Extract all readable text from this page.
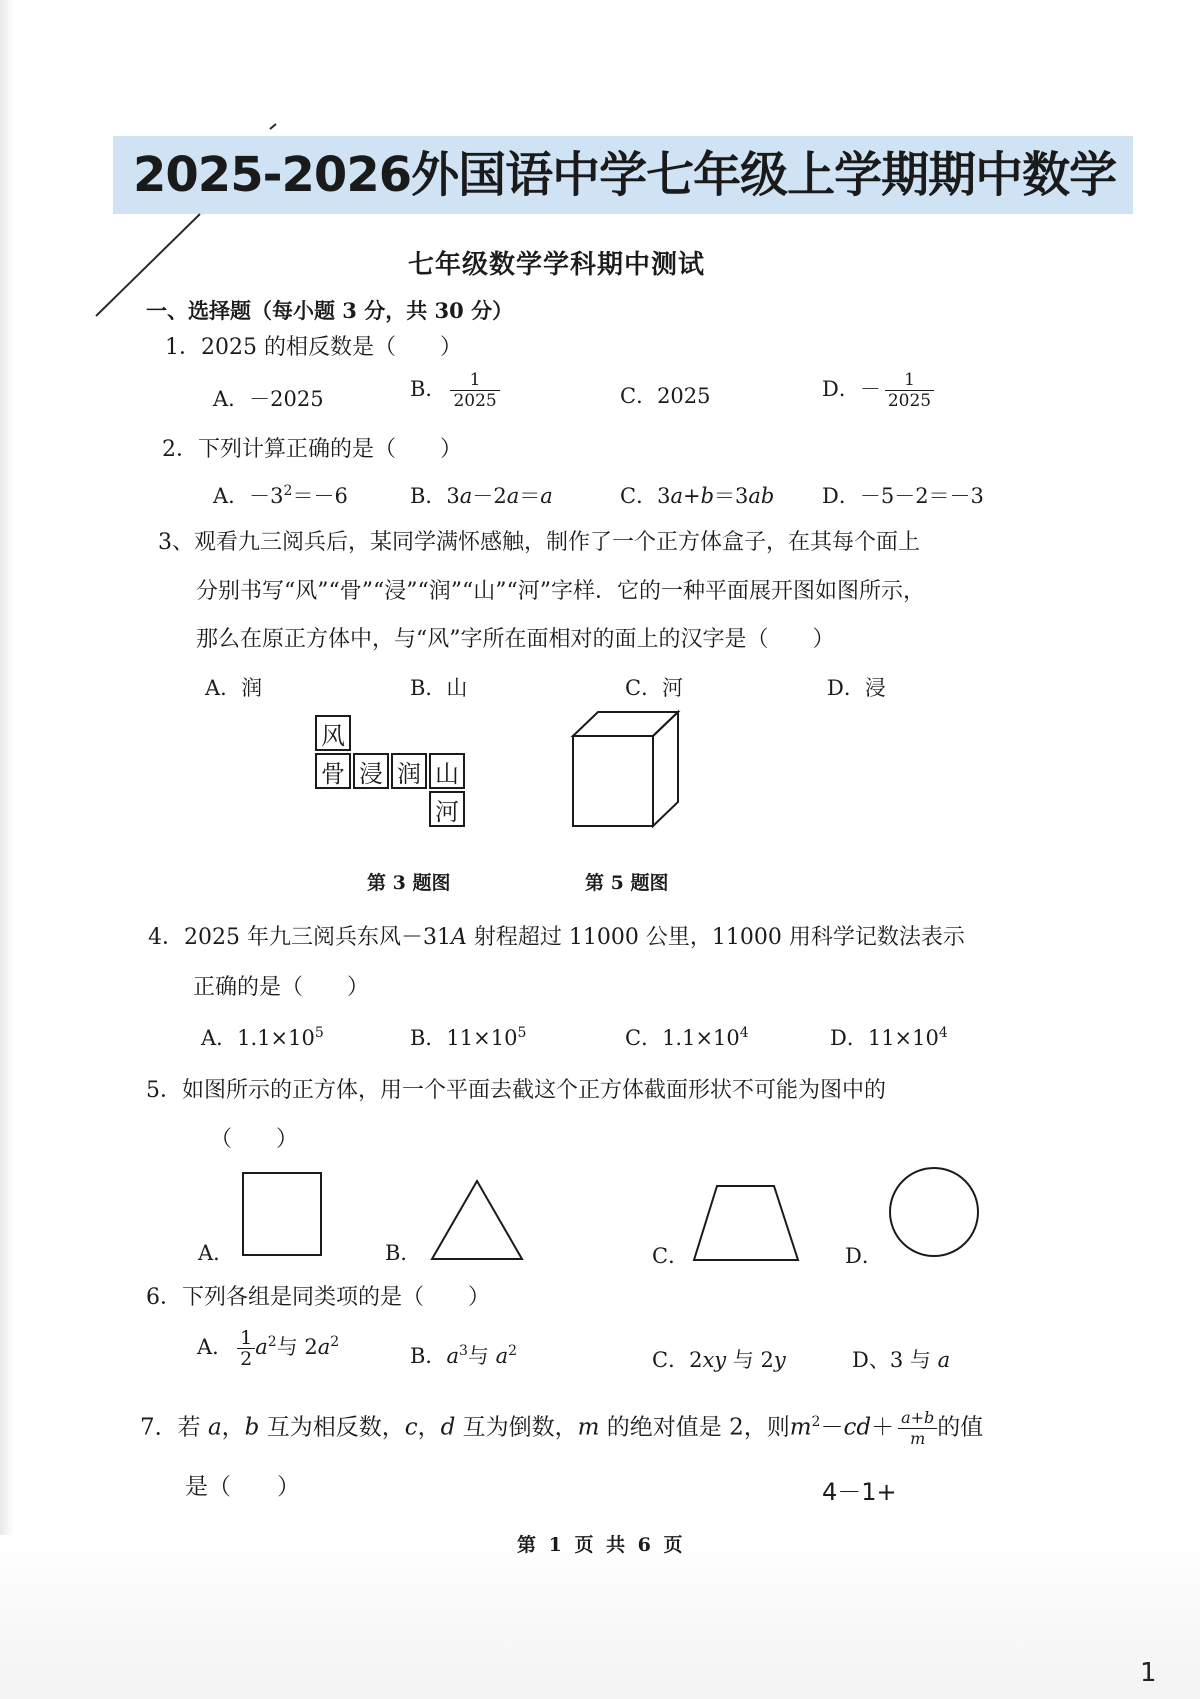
2025-2026外国语中学七年级上学期期中数学
七年级数学学科期中测试
一、选择题（每小题 3 分，共 30 分）
1．2025 的相反数是（　　）
A．－2025	B． $\frac{1}{2025}$	C．2025	D．－ $\frac{1}{2025}$
2．下列计算正确的是（　　）
A．$-3^2=-6$	B．3a－2a＝a	C．3a+b＝3ab D．－5－2＝－3
3、观看九三阅兵后，某同学满怀感触，制作了一个正方体盒子，在其每个面上
分别书写“风”“骨”“浸”“润”“山”“河”字样．它的一种平面展开图如图所示，
那么在原正方体中，与“风”字所在面相对的面上的汉字是（　　）
A．润	B．山	C．河	D．浸
风
骨 浸 润 山
河
第 3 题图	第 5 题图
4．2025 年九三阅兵东风－31A 射程超过 11000 公里，11000 用科学记数法表示
正确的是（　　）
A．$1.1\times 10^5$	B．$11\times 10^5$	C．$1.1\times 10^4$	D．$11\times 10^4$
5．如图所示的正方体，用一个平面去截这个正方体截面形状不可能为图中的
（　　）
A．	B．	C．	D．
6．下列各组是同类项的是（　　）
A． $\frac{1}{2} a^2$与 $2a^2$
B．$a^3$与 $a^2$	C．2xy 与 2y	D、3 与 a
7．若 a，b 互为相反数，c，d 互为倒数，m 的绝对值是 2，则$m^2-cd+ \frac{a+b}{m}$ 的值
是（　　）	4－1+
第 1 页 共 6 页
1
